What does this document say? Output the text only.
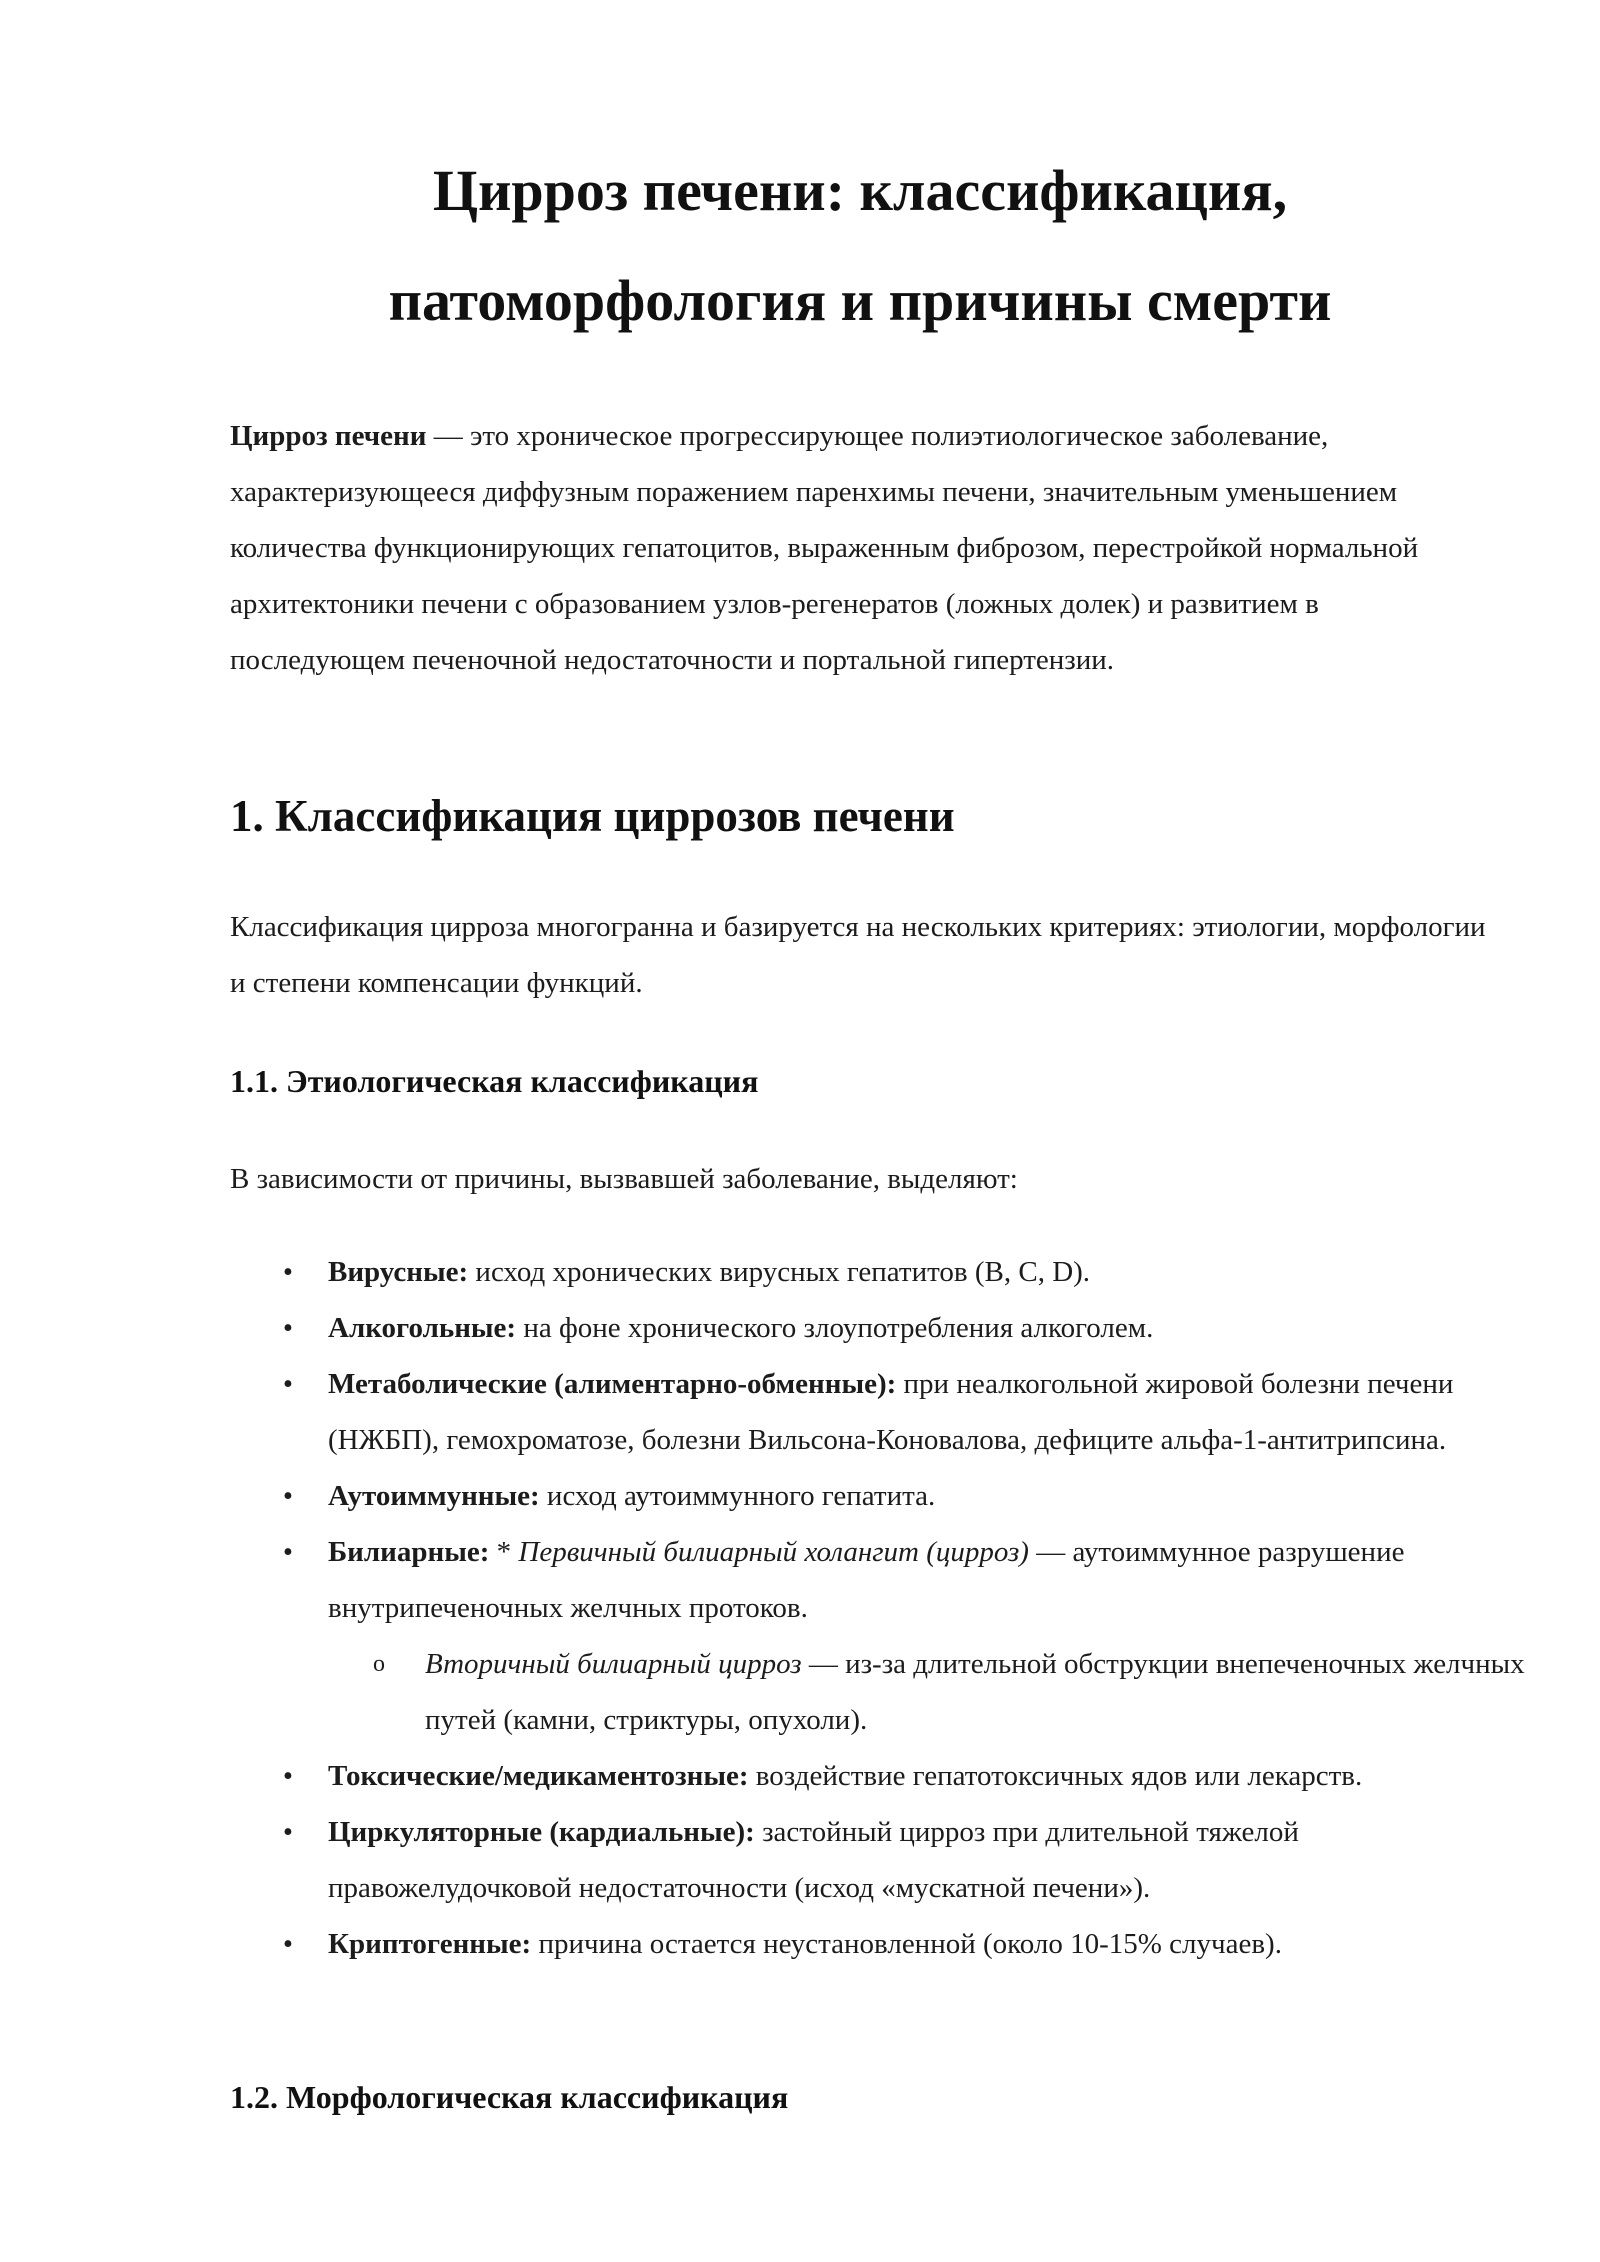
Цирроз печени: классификация,
патоморфология и причины смерти

Цирроз печени — это хроническое прогрессирующее полиэтиологическое заболевание, характеризующееся диффузным поражением паренхимы печени, значительным уменьшением количества функционирующих гепатоцитов, выраженным фиброзом, перестройкой нормальной архитектоники печени с образованием узлов-регенератов (ложных долек) и развитием в последующем печеночной недостаточности и портальной гипертензии.

1. Классификация циррозов печени

Классификация цирроза многогранна и базируется на нескольких критериях: этиологии, морфологии и степени компенсации функций.

1.1. Этиологическая классификация

В зависимости от причины, вызвавшей заболевание, выделяют:

• Вирусные: исход хронических вирусных гепатитов (B, C, D).
• Алкогольные: на фоне хронического злоупотребления алкоголем.
• Метаболические (алиментарно-обменные): при неалкогольной жировой болезни печени (НЖБП), гемохроматозе, болезни Вильсона-Коновалова, дефиците альфа-1-антитрипсина.
• Аутоиммунные: исход аутоиммунного гепатита.
• Билиарные: * Первичный билиарный холангит (цирроз) — аутоиммунное разрушение внутрипеченочных желчных протоков.
o Вторичный билиарный цирроз — из-за длительной обструкции внепеченочных желчных путей (камни, стриктуры, опухоли).
• Токсические/медикаментозные: воздействие гепатотоксичных ядов или лекарств.
• Циркуляторные (кардиальные): застойный цирроз при длительной тяжелой правожелудочковой недостаточности (исход «мускатной печени»).
• Криптогенные: причина остается неустановленной (около 10-15% случаев).
1.2. Морфологическая классификация
